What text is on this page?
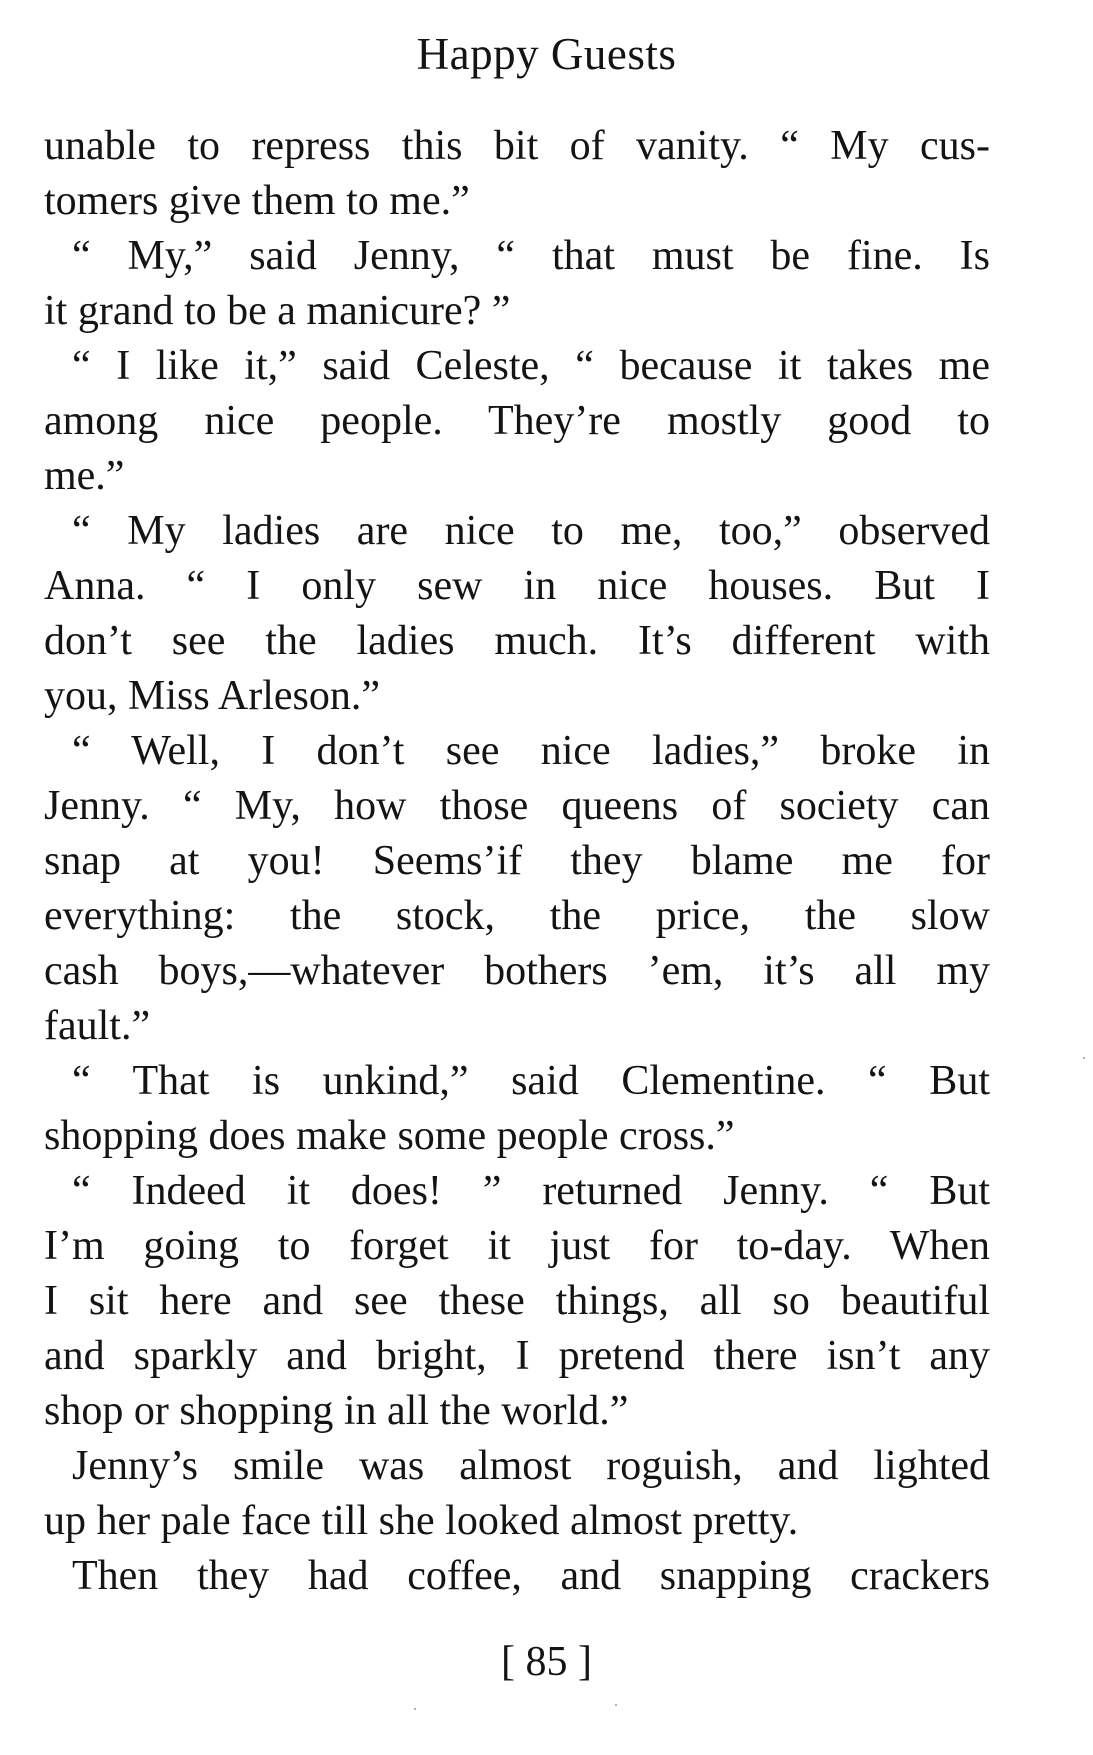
Happy Guests
unable to repress this bit of vanity. “ My cus-
tomers give them to me.”
“ My,” said Jenny, “ that must be fine. Is
it grand to be a manicure? ”
“ I like it,” said Celeste, “ because it takes me
among nice people. They’re mostly good to
me.”
“ My ladies are nice to me, too,” observed
Anna. “ I only sew in nice houses. But I
don’t see the ladies much. It’s different with
you, Miss Arleson.”
“ Well, I don’t see nice ladies,” broke in
Jenny. “ My, how those queens of society can
snap at you! Seems’if they blame me for
everything: the stock, the price, the slow
cash boys,—whatever bothers ’em, it’s all my
fault.”
“ That is unkind,” said Clementine. “ But
shopping does make some people cross.”
“ Indeed it does! ” returned Jenny. “ But
I’m going to forget it just for to-day. When
I sit here and see these things, all so beautiful
and sparkly and bright, I pretend there isn’t any
shop or shopping in all the world.”
Jenny’s smile was almost roguish, and lighted
up her pale face till she looked almost pretty.
Then they had coffee, and snapping crackers
[ 85 ]
